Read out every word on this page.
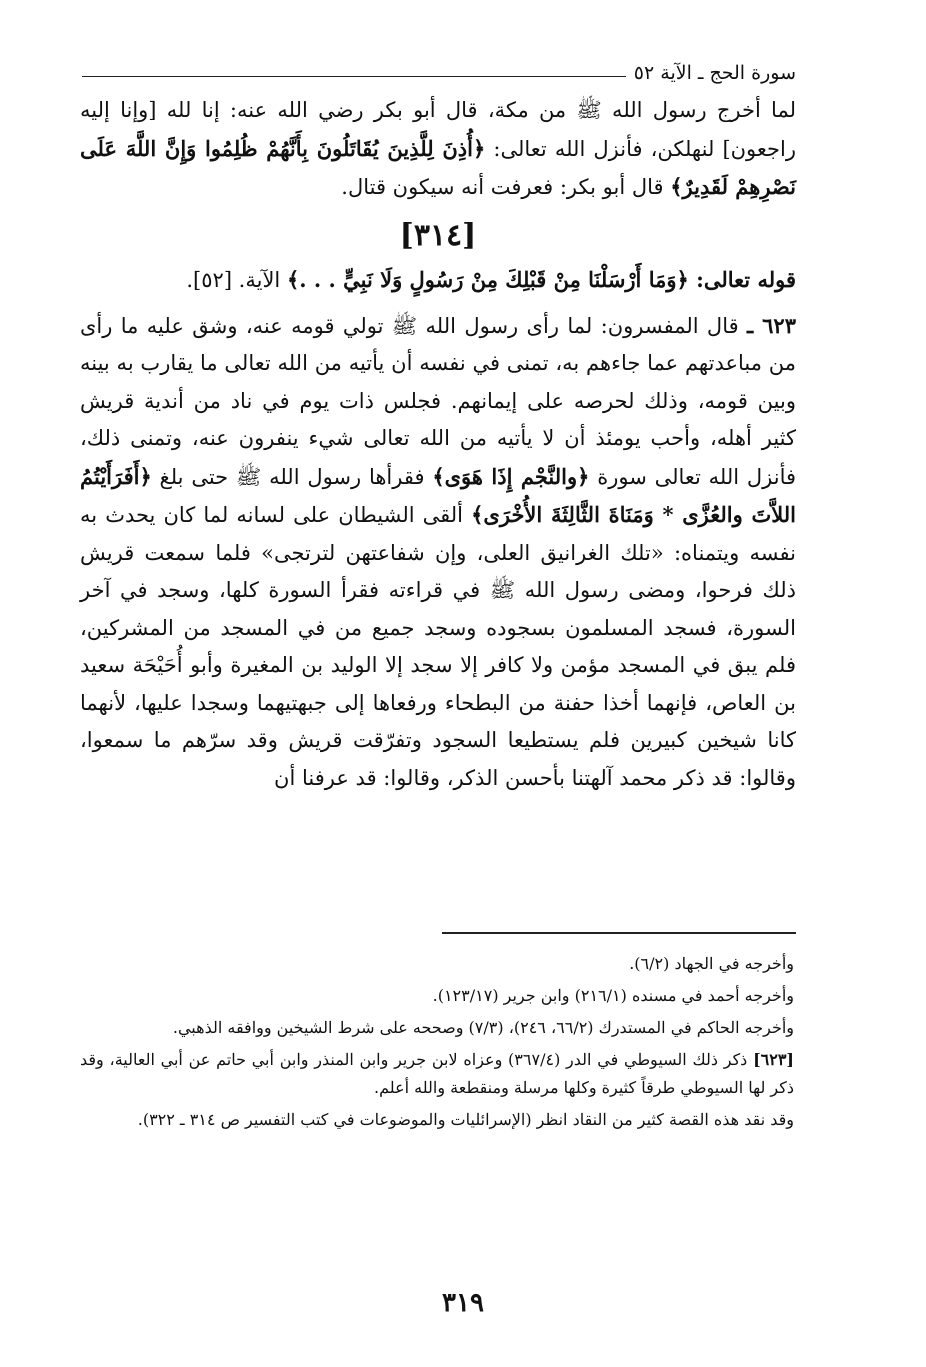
سورة الحج ـ الآية ٥٢

لما أخرج رسول الله ﷺ من مكة، قال أبو بكر رضي الله عنه: إنا لله [وإنا إليه راجعون] لنهلكن، فأنزل الله تعالى: ﴿أُذِنَ لِلَّذِينَ يُقَاتَلُونَ بِأَنَّهُمْ ظُلِمُوا وَإِنَّ اللَّهَ عَلَى نَصْرِهِمْ لَقَدِيرٌ﴾ قال أبو بكر: فعرفت أنه سيكون قتال.

[٣١٤]

قوله تعالى: ﴿وَمَا أَرْسَلْنَا مِنْ قَبْلِكَ مِنْ رَسُولٍ وَلَا نَبِيٍّ . . .﴾ الآية. [٥٢].

٦٢٣ ـ قال المفسرون: لما رأى رسول الله ﷺ تولي قومه عنه، وشق عليه ما رأى من مباعدتهم عما جاءهم به، تمنى في نفسه أن يأتيه من الله تعالى ما يقارب به بينه وبين قومه، وذلك لحرصه على إيمانهم. فجلس ذات يوم في ناد من أندية قريش كثير أهله، وأحب يومئذ أن لا يأتيه من الله تعالى شيء ينفرون عنه، وتمنى ذلك، فأنزل الله تعالى سورة ﴿والنَّجْم إِذَا هَوَى﴾ فقرأها رسول الله ﷺ حتى بلغ ﴿أَفَرَأَيْتُمُ اللاَّتَ والعُزَّى * وَمَنَاةَ الثَّالِثَةَ الأُخْرَى﴾ ألقى الشيطان على لسانه لما كان يحدث به نفسه ويتمناه: «تلك الغرانيق العلى، وإن شفاعتهن لترتجى» فلما سمعت قريش ذلك فرحوا، ومضى رسول الله ﷺ في قراءته فقرأ السورة كلها، وسجد في آخر السورة، فسجد المسلمون بسجوده وسجد جميع من في المسجد من المشركين، فلم يبق في المسجد مؤمن ولا كافر إلا سجد إلا الوليد بن المغيرة وأبو أُحَيْحَة سعيد بن العاص، فإنهما أخذا حفنة من البطحاء ورفعاها إلى جبهتيهما وسجدا عليها، لأنهما كانا شيخين كبيرين فلم يستطيعا السجود وتفرّقت قريش وقد سرّهم ما سمعوا، وقالوا: قد ذكر محمد آلهتنا بأحسن الذكر، وقالوا: قد عرفنا أن

وأخرجه في الجهاد (٦/٢).

وأخرجه أحمد في مسنده (٢١٦/١) وابن جرير (١٢٣/١٧).

وأخرجه الحاكم في المستدرك (٦٦/٢، ٢٤٦)، (٧/٣) وصححه على شرط الشيخين ووافقه الذهبي.

[٦٢٣] ذكر ذلك السيوطي في الدر (٣٦٧/٤) وعزاه لابن جرير وابن المنذر وابن أبي حاتم عن أبي العالية، وقد ذكر لها السيوطي طرقاً كثيرة وكلها مرسلة ومنقطعة والله أعلم.

وقد نقد هذه القصة كثير من النقاد انظر (الإسرائليات والموضوعات في كتب التفسير ص ٣١٤ ـ ٣٢٢).

٣١٩
